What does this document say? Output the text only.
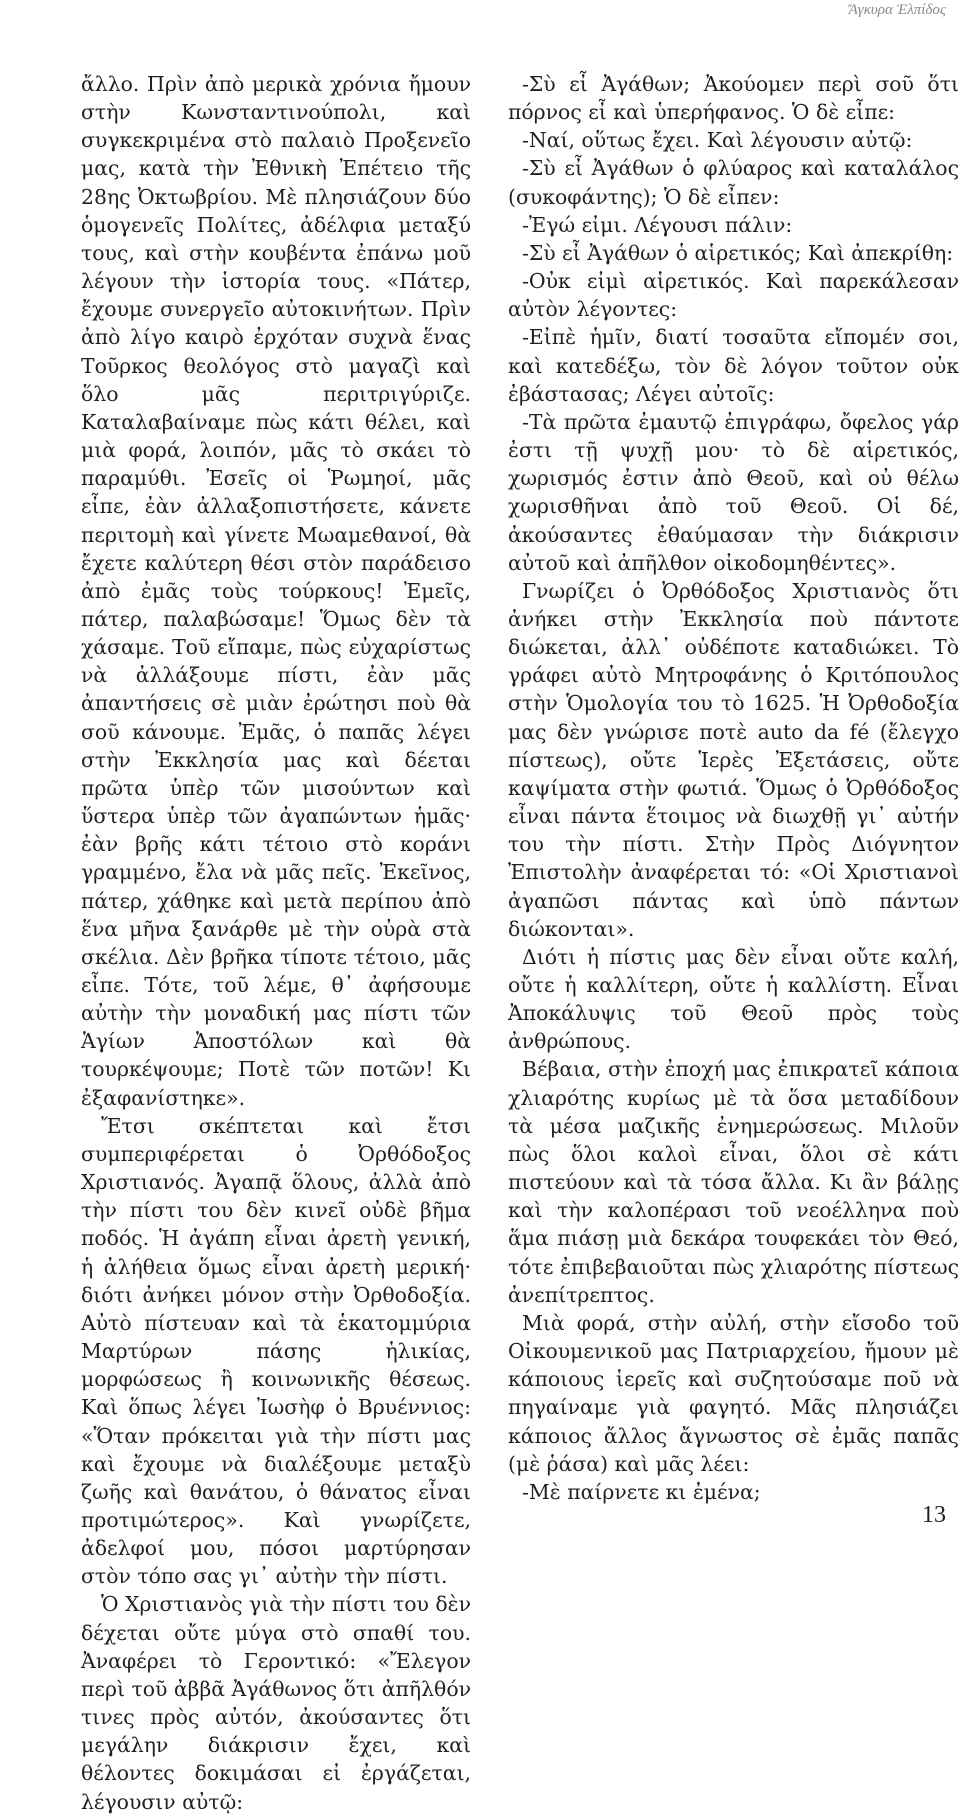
Ἄγκυρα Ἐλπίδος

ἄλλο. Πρὶν ἀπὸ μερικὰ χρόνια ἤμουν στὴν Κωνσταντινούπολι, καὶ συγκεκριμένα στὸ παλαιὸ Προξενεῖο μας, κατὰ τὴν Ἐθνικὴ Ἐπέτειο τῆς 28ης Ὀκτωβρίου. Μὲ πλησιάζουν δύο ὁμογενεῖς Πολίτες, ἀδέλφια μεταξύ τους, καὶ στὴν κουβέντα ἐπάνω μοῦ λέγουν τὴν ἱστορία τους. «Πάτερ, ἔχουμε συνεργεῖο αὐτοκινήτων. Πρὶν ἀπὸ λίγο καιρὸ ἐρχόταν συχνὰ ἕνας Τοῦρκος θεολόγος στὸ μαγαζὶ καὶ ὅλο μᾶς περιτριγύριζε. Καταλαβαίναμε πὼς κάτι θέλει, καὶ μιὰ φορά, λοιπόν, μᾶς τὸ σκάει τὸ παραμύθι. Ἐσεῖς οἱ Ῥωμηοί, μᾶς εἶπε, ἐὰν ἀλλαξοπιστήσετε, κάνετε περιτομὴ καὶ γίνετε Μωαμεθανοί, θὰ ἔχετε καλύτερη θέσι στὸν παράδεισο ἀπὸ ἐμᾶς τοὺς τούρκους! Ἐμεῖς, πάτερ, παλαβώσαμε! Ὅμως δὲν τὰ χάσαμε. Τοῦ εἴπαμε, πὼς εὐχαρίστως νὰ ἀλλάξουμε πίστι, ἐὰν μᾶς ἀπαντήσεις σὲ μιὰν ἐρώτησι ποὺ θὰ σοῦ κάνουμε. Ἐμᾶς, ὁ παπᾶς λέγει στὴν Ἐκκλησία μας καὶ δέεται πρῶτα ὑπὲρ τῶν μισούντων καὶ ὕστερα ὑπὲρ τῶν ἀγαπώντων ἡμᾶς· ἐὰν βρῆς κάτι τέτοιο στὸ κοράνι γραμμένο, ἔλα νὰ μᾶς πεῖς. Ἐκεῖνος, πάτερ, χάθηκε καὶ μετὰ περίπου ἀπὸ ἕνα μῆνα ξανάρθε μὲ τὴν οὐρὰ στὰ σκέλια. Δὲν βρῆκα τίποτε τέτοιο, μᾶς εἶπε. Τότε, τοῦ λέμε, θ᾽ ἀφήσουμε αὐτὴν τὴν μοναδική μας πίστι τῶν Ἁγίων Ἀποστόλων καὶ θὰ τουρκέψουμε; Ποτὲ τῶν ποτῶν! Κι ἐξαφανίστηκε».

Ἔτσι σκέπτεται καὶ ἔτσι συμπεριφέρεται ὁ Ὀρθόδοξος Χριστιανός. Ἀγαπᾷ ὅλους, ἀλλὰ ἀπὸ τὴν πίστι του δὲν κινεῖ οὐδὲ βῆμα ποδός. Ἡ ἀγάπη εἶναι ἀρετὴ γενική, ἡ ἀλήθεια ὅμως εἶναι ἀρετὴ μερική· διότι ἀνήκει μόνον στὴν Ὀρθοδοξία. Αὐτὸ πίστευαν καὶ τὰ ἑκατομμύρια Μαρτύρων πάσης ἡλικίας, μορφώσεως ἢ κοινωνικῆς θέσεως. Καὶ ὅπως λέγει Ἰωσὴφ ὁ Βρυέννιος: «Ὅταν πρόκειται γιὰ τὴν πίστι μας καὶ ἔχουμε νὰ διαλέξουμε μεταξὺ ζωῆς καὶ θανάτου, ὁ θάνατος εἶναι προτιμώτερος». Καὶ γνωρίζετε, ἀδελφοί μου, πόσοι μαρτύρησαν στὸν τόπο σας γι᾽ αὐτὴν τὴν πίστι.

Ὁ Χριστιανὸς γιὰ τὴν πίστι του δὲν δέχεται οὔτε μύγα στὸ σπαθί του. Ἀναφέρει τὸ Γεροντικό: «Ἔλεγον περὶ τοῦ ἀββᾶ Ἀγάθωνος ὅτι ἀπῆλθόν τινες πρὸς αὐτόν, ἀκούσαντες ὅτι μεγάλην διάκρισιν ἔχει, καὶ θέλοντες δοκιμάσαι εἰ ἐργάζεται, λέγουσιν αὐτῷ:

-Σὺ εἶ Ἀγάθων; Ἀκούομεν περὶ σοῦ ὅτι πόρνος εἶ καὶ ὑπερήφανος. Ὁ δὲ εἶπε:

-Ναί, οὕτως ἔχει. Καὶ λέγουσιν αὐτῷ:

-Σὺ εἶ Ἀγάθων ὁ φλύαρος καὶ καταλάλος (συκοφάντης); Ὁ δὲ εἶπεν:

-Ἐγώ εἰμι. Λέγουσι πάλιν:

-Σὺ εἶ Ἀγάθων ὁ αἱρετικός; Καὶ ἀπεκρίθη:

-Οὐκ εἰμὶ αἱρετικός. Καὶ παρεκάλεσαν αὐτὸν λέγοντες:

-Εἰπὲ ἡμῖν, διατί τοσαῦτα εἴπομέν σοι, καὶ κατεδέξω, τὸν δὲ λόγον τοῦτον οὐκ ἐβάστασας; Λέγει αὐτοῖς:

-Τὰ πρῶτα ἐμαυτῷ ἐπιγράφω, ὄφελος γάρ ἐστι τῇ ψυχῇ μου· τὸ δὲ αἱρετικός, χωρισμός ἐστιν ἀπὸ Θεοῦ, καὶ οὐ θέλω χωρισθῆναι ἀπὸ τοῦ Θεοῦ. Οἱ δέ, ἀκούσαντες ἐθαύμασαν τὴν διάκρισιν αὐτοῦ καὶ ἀπῆλθον οἰκοδομηθέντες».

Γνωρίζει ὁ Ὀρθόδοξος Χριστιανὸς ὅτι ἀνήκει στὴν Ἐκκλησία ποὺ πάντοτε διώκεται, ἀλλ᾽ οὐδέποτε καταδιώκει. Τὸ γράφει αὐτὸ Μητροφάνης ὁ Κριτόπουλος στὴν Ὁμολογία του τὸ 1625. Ἡ Ὀρθοδοξία μας δὲν γνώρισε ποτὲ auto da fé (ἔλεγχο πίστεως), οὔτε Ἱερὲς Ἐξετάσεις, οὔτε καψίματα στὴν φωτιά. Ὅμως ὁ Ὀρθόδοξος εἶναι πάντα ἕτοιμος νὰ διωχθῇ γι᾽ αὐτήν του τὴν πίστι. Στὴν Πρὸς Διόγνητον Ἐπιστολὴν ἀναφέρεται τό: «Οἱ Χριστιανοὶ ἀγαπῶσι πάντας καὶ ὑπὸ πάντων διώκονται».

Διότι ἡ πίστις μας δὲν εἶναι οὔτε καλή, οὔτε ἡ καλλίτερη, οὔτε ἡ καλλίστη. Εἶναι Ἀποκάλυψις τοῦ Θεοῦ πρὸς τοὺς ἀνθρώπους.

Βέβαια, στὴν ἐποχή μας ἐπικρατεῖ κάποια χλιαρότης κυρίως μὲ τὰ ὅσα μεταδίδουν τὰ μέσα μαζικῆς ἐνημερώσεως. Μιλοῦν πὼς ὅλοι καλοὶ εἶναι, ὅλοι σὲ κάτι πιστεύουν καὶ τὰ τόσα ἄλλα. Κι ἂν βάλῃς καὶ τὴν καλοπέρασι τοῦ νεοέλληνα ποὺ ἅμα πιάσῃ μιὰ δεκάρα τουφεκάει τὸν Θεό, τότε ἐπιβεβαιοῦται πὼς χλιαρότης πίστεως ἀνεπίτρεπτος.

Μιὰ φορά, στὴν αὐλή, στὴν εἴσοδο τοῦ Οἰκουμενικοῦ μας Πατριαρχείου, ἤμουν μὲ κάποιους ἱερεῖς καὶ συζητούσαμε ποῦ νὰ πηγαίναμε γιὰ φαγητό. Μᾶς πλησιάζει κάποιος ἄλλος ἄγνωστος σὲ ἐμᾶς παπᾶς (μὲ ῥάσα) καὶ μᾶς λέει:

-Μὲ παίρνετε κι ἐμένα;

13
